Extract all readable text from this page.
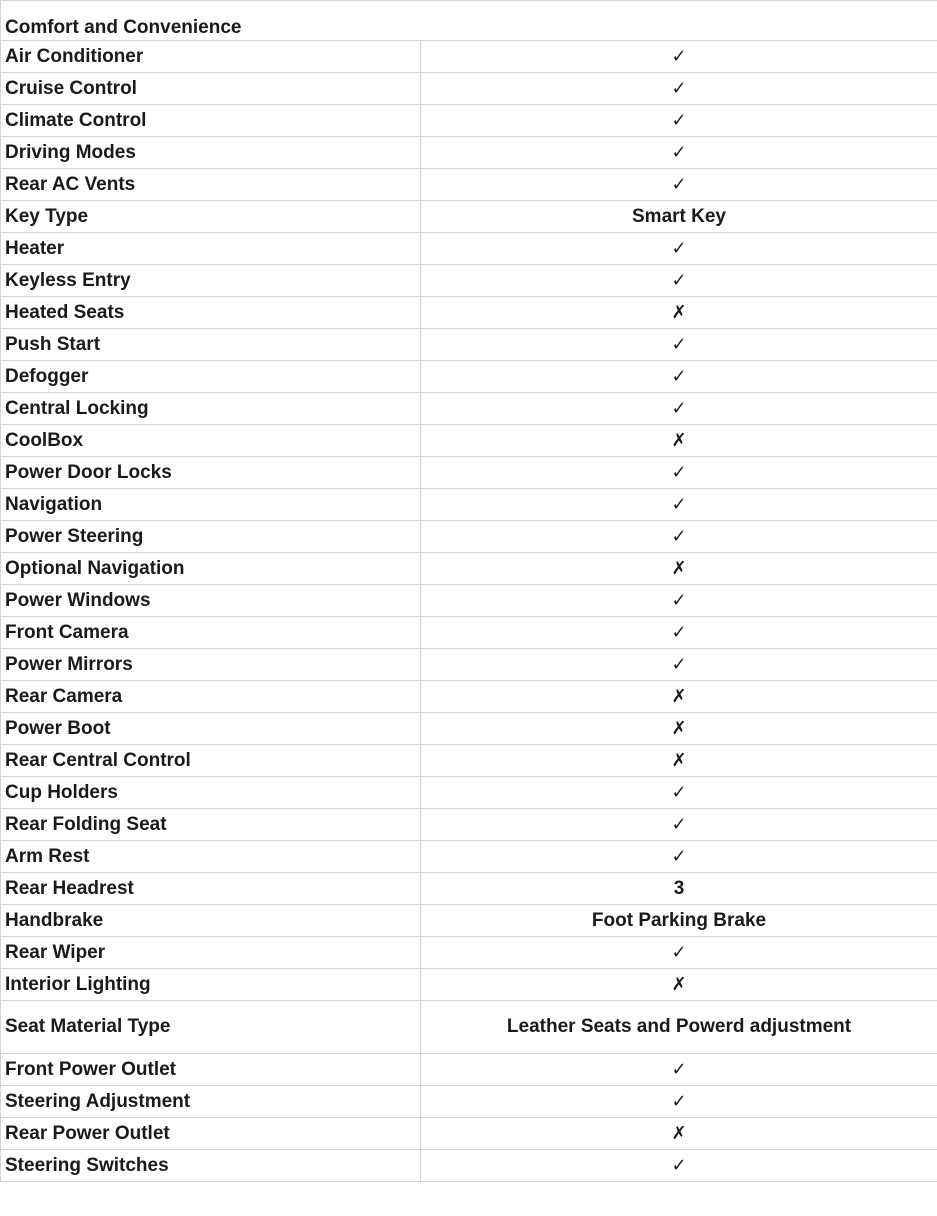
Comfort and Convenience	
Air Conditioner	✓
Cruise Control	✓
Climate Control	✓
Driving Modes	✓
Rear AC Vents	✓
Key Type	Smart Key
Heater	✓
Keyless Entry	✓
Heated Seats	✗
Push Start	✓
Defogger	✓
Central Locking	✓
CoolBox	✗
Power Door Locks	✓
Navigation	✓
Power Steering	✓
Optional Navigation	✗
Power Windows	✓
Front Camera	✓
Power Mirrors	✓
Rear Camera	✗
Power Boot	✗
Rear Central Control	✗
Cup Holders	✓
Rear Folding Seat	✓
Arm Rest	✓
Rear Headrest	3
Handbrake	Foot Parking Brake
Rear Wiper	✓
Interior Lighting	✗
Seat Material Type	Leather Seats and Powerd adjustment
Front Power Outlet	✓
Steering Adjustment	✓
Rear Power Outlet	✗
Steering Switches	✓
